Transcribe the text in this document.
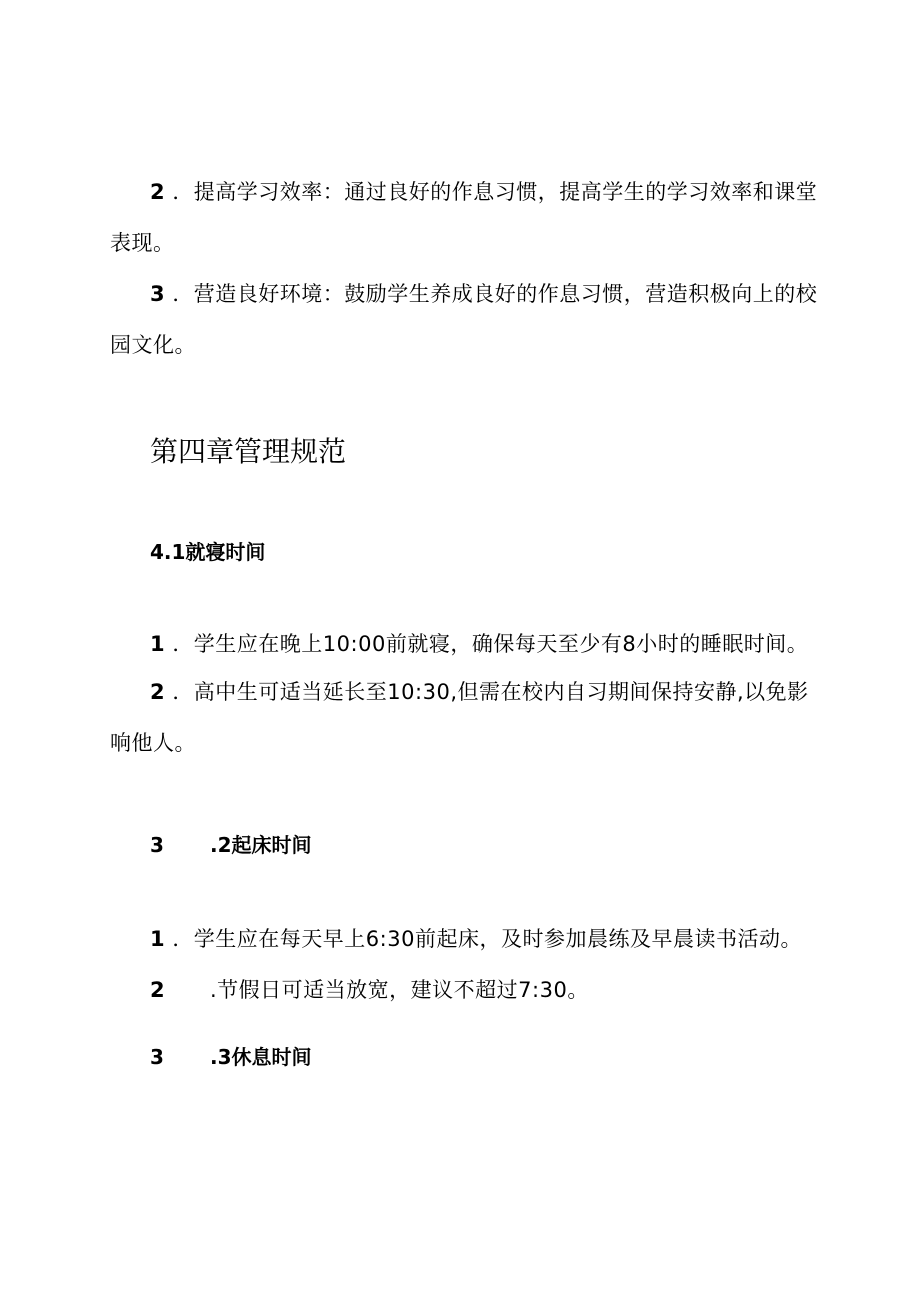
2 ．提高学习效率：通过良好的作息习惯，提高学生的学习效率和课堂表现。
3 ．营造良好环境：鼓励学生养成良好的作息习惯，营造积极向上的校园文化。
第四章管理规范
4.1就寝时间
1 ．学生应在晚上10:00前就寝，确保每天至少有8小时的睡眠时间。
2 ．高中生可适当延长至10:30,但需在校内自习期间保持安静,以免影响他人。
3 .2起床时间
1 ．学生应在每天早上6:30前起床，及时参加晨练及早晨读书活动。
2 .节假日可适当放宽，建议不超过7:30。
3 .3休息时间
